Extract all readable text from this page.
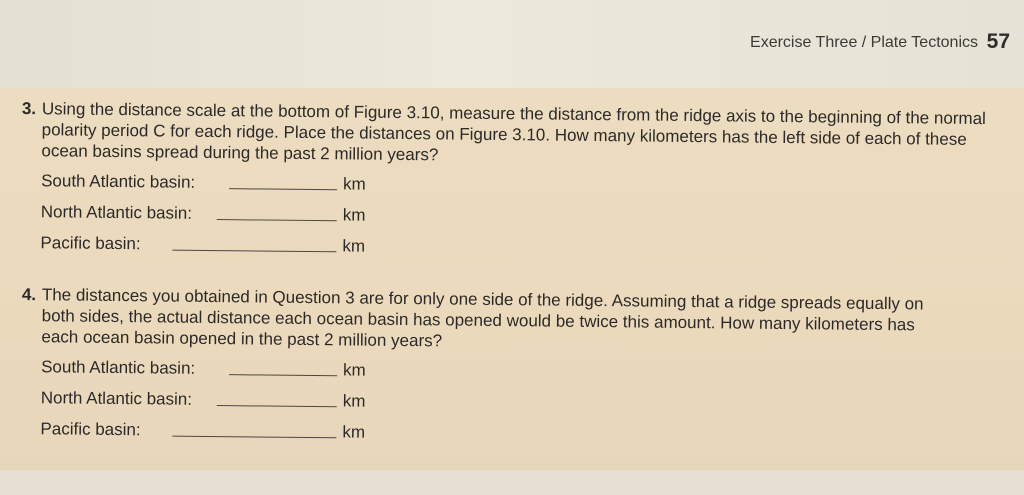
Exercise Three / Plate Tectonics 57
3. Using the distance scale at the bottom of Figure 3.10, measure the distance from the ridge axis to the beginning of the normal polarity period C for each ridge. Place the distances on Figure 3.10. How many kilometers has the left side of each of these ocean basins spread during the past 2 million years?
South Atlantic basin:	km
North Atlantic basin:	km
Pacific basin:	km
4. The distances you obtained in Question 3 are for only one side of the ridge. Assuming that a ridge spreads equally on both sides, the actual distance each ocean basin has opened would be twice this amount. How many kilometers has each ocean basin opened in the past 2 million years?
South Atlantic basin:	km
North Atlantic basin:	km
Pacific basin:	km
